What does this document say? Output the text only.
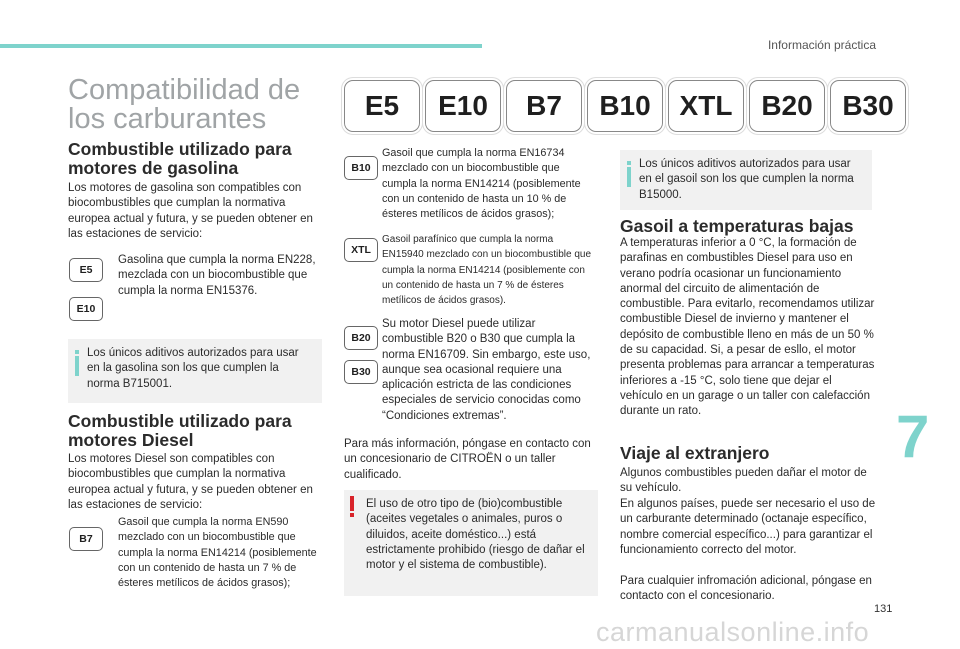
Información práctica
Compatibilidad de los carburantes	E5	E10	B7	B10	XTL	B20	B30
Combustible utilizado para motores de gasolina
Los motores de gasolina son compatibles con biocombustibles que cumplan la normativa europea actual y futura, y se pueden obtener en las estaciones de servicio:
E5
E10
Gasolina que cumpla la norma EN228, mezclada con un biocombustible que cumpla la norma EN15376.
Los únicos aditivos autorizados para usar en la gasolina son los que cumplen la norma B715001.
Combustible utilizado para motores Diesel
Los motores Diesel son compatibles con biocombustibles que cumplan la normativa europea actual y futura, y se pueden obtener en las estaciones de servicio:
B7
Gasoil que cumpla la norma EN590 mezclado con un biocombustible que cumpla la norma EN14214 (posiblemente con un contenido de hasta un 7 % de ésteres metílicos de ácidos grasos);
B10
Gasoil que cumpla la norma EN16734 mezclado con un biocombustible que cumpla la norma EN14214 (posiblemente con un contenido de hasta un 10 % de ésteres metílicos de ácidos grasos);
XTL
Gasoil parafínico que cumpla la norma EN15940 mezclado con un biocombustible que cumpla la norma EN14214 (posiblemente con un contenido de hasta un 7 % de ésteres metílicos de ácidos grasos).
B20
B30
Su motor Diesel puede utilizar combustible B20 o B30 que cumpla la norma EN16709. Sin embargo, este uso, aunque sea ocasional requiere una aplicación estricta de las condiciones especiales de servicio conocidas como “Condiciones extremas”.
Para más información, póngase en contacto con un concesionario de CITROËN o un taller cualificado.
El uso de otro tipo de (bio)combustible (aceites vegetales o animales, puros o diluidos, aceite doméstico...) está estrictamente prohibido (riesgo de dañar el motor y el sistema de combustible).
Los únicos aditivos autorizados para usar en el gasoil son los que cumplen la norma B15000.
Gasoil a temperaturas bajas
A temperaturas inferior a 0 °C, la formación de parafinas en combustibles Diesel para uso en verano podría ocasionar un funcionamiento anormal del circuito de alimentación de combustible. Para evitarlo, recomendamos utilizar combustible Diesel de invierno y mantener el depósito de combustible lleno en más de un 50 % de su capacidad. Si, a pesar de esllo, el motor presenta problemas para arrancar a temperaturas inferiores a -15 °C, solo tiene que dejar el vehículo en un garage o un taller con calefacción durante un rato.
Viaje al extranjero
Algunos combustibles pueden dañar el motor de su vehículo.
En algunos países, puede ser necesario el uso de un carburante determinado (octanaje específico, nombre comercial específico...) para garantizar el funcionamiento correcto del motor.
Para cualquier infromación adicional, póngase en contacto con el concesionario.
7
131
carmanualsonline.info
